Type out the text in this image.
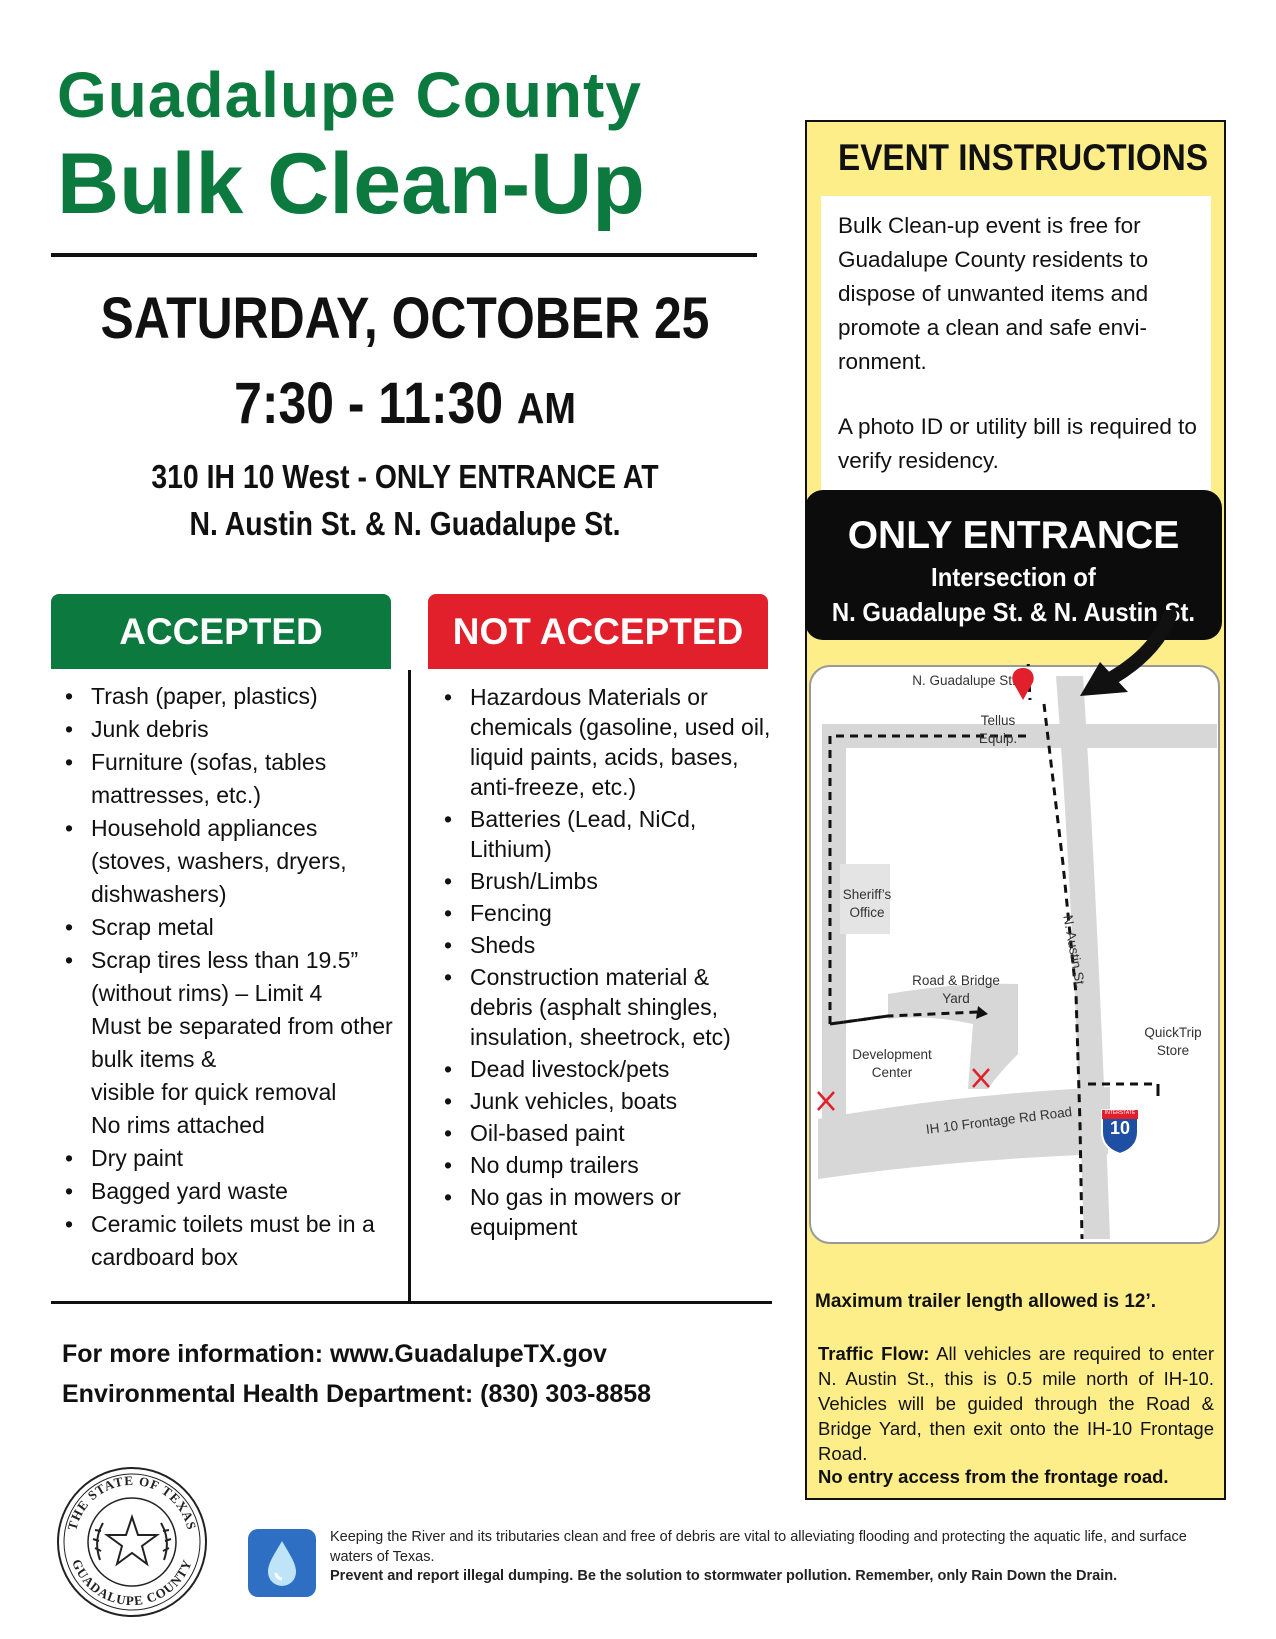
Guadalupe County
Bulk Clean-Up
SATURDAY, OCTOBER 25
7:30 - 11:30 AM
310 IH 10 West - ONLY ENTRANCE AT
N. Austin St. & N. Guadalupe St.
ACCEPTED	NOT ACCEPTED
• Trash (paper, plastics)
• Junk debris
• Furniture (sofas, tables mattresses, etc.)
• Household appliances (stoves, washers, dryers, dishwashers)
• Scrap metal
• Scrap tires less than 19.5” (without rims) – Limit 4
Must be separated from other bulk items &
visible for quick removal
No rims attached
• Dry paint
• Bagged yard waste
• Ceramic toilets must be in a cardboard box
• Hazardous Materials or chemicals (gasoline, used oil, liquid paints, acids, bases, anti-freeze, etc.)
• Batteries (Lead, NiCd, Lithium)
• Brush/Limbs
• Fencing
• Sheds
• Construction material & debris (asphalt shingles, insulation, sheetrock, etc)
• Dead livestock/pets
• Junk vehicles, boats
• Oil-based paint
• No dump trailers
• No gas in mowers or equipment
For more information: www.GuadalupeTX.gov
Environmental Health Department: (830) 303-8858
THE STATE OF TEXAS
GUADALUPE COUNTY
Keeping the River and its tributaries clean and free of debris are vital to alleviating flooding and protecting the aquatic life, and surface waters of Texas.
Prevent and report illegal dumping. Be the solution to stormwater pollution. Remember, only Rain Down the Drain.
EVENT INSTRUCTIONS
Bulk Clean-up event is free for Guadalupe County residents to dispose of unwanted items and promote a clean and safe envi-ronment.
A photo ID or utility bill is required to verify residency.
ONLY ENTRANCE
Intersection of
N. Guadalupe St. & N. Austin St.
N. Guadalupe St.
Tellus Equip.
N. Austin St.
Sheriff’s Office
Road & Bridge Yard
QuickTrip Store
Development Center
IH 10 Frontage Rd Road	INTERSTATE
10
Maximum trailer length allowed is 12’.
Traffic Flow: All vehicles are required to enter N. Austin St., this is 0.5 mile north of IH-10. Vehicles will be guided through the Road & Bridge Yard, then exit onto the IH-10 Frontage Road.
No entry access from the frontage road.
